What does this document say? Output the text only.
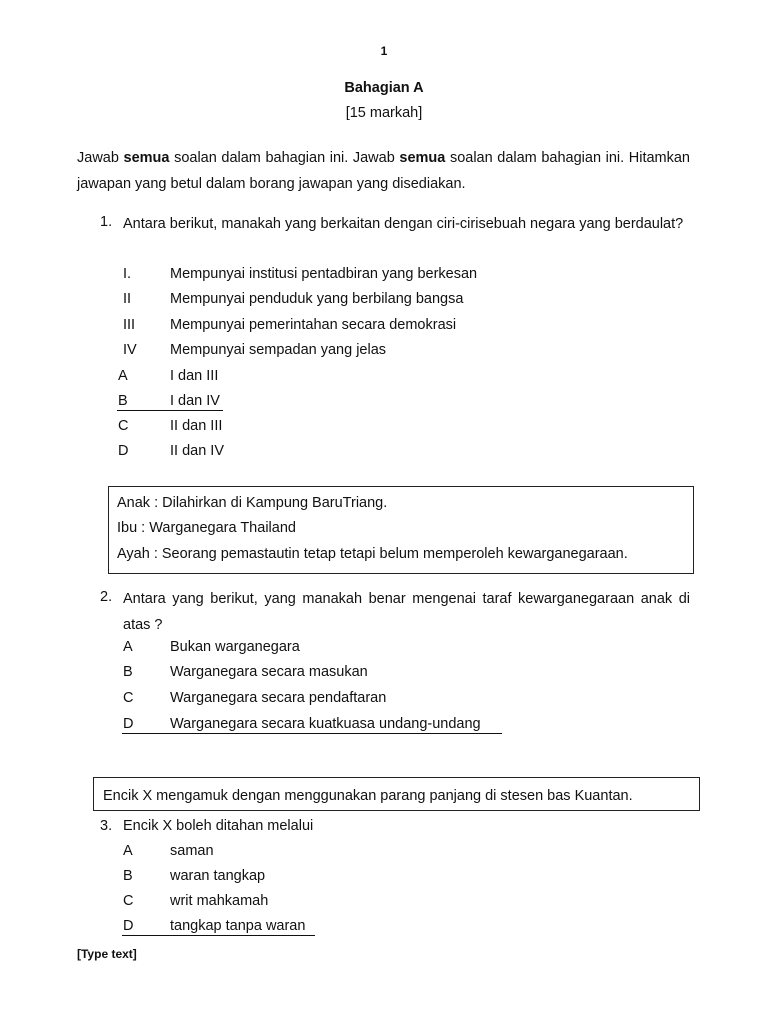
1
Bahagian A
[15 markah]
Jawab semua soalan dalam bahagian ini. Jawab semua soalan dalam bahagian ini. Hitamkan jawapan yang betul dalam borang jawapan yang disediakan.
1. Antara berikut, manakah yang berkaitan dengan ciri-cirisebuah negara yang berdaulat?
I.	Mempunyai institusi pentadbiran yang berkesan
II	Mempunyai penduduk yang berbilang bangsa
III Mempunyai pemerintahan secara demokrasi
IV Mempunyai sempadan yang jelas
A	I dan III
B	I dan IV
C	II dan III
D	II dan IV
Anak : Dilahirkan di Kampung BaruTriang.
Ibu : Warganegara Thailand
Ayah : Seorang pemastautin tetap tetapi belum memperoleh kewarganegaraan.
2. Antara yang berikut, yang manakah benar mengenai taraf kewarganegaraan anak di atas ?
A	Bukan warganegara
B	Warganegara secara masukan
C	Warganegara secara pendaftaran
D	Warganegara secara kuatkuasa undang-undang
Encik X mengamuk dengan menggunakan parang panjang di stesen bas Kuantan.
3. Encik X boleh ditahan melalui
A	saman
B	waran tangkap
C	writ mahkamah
D	tangkap tanpa waran
[Type text]
